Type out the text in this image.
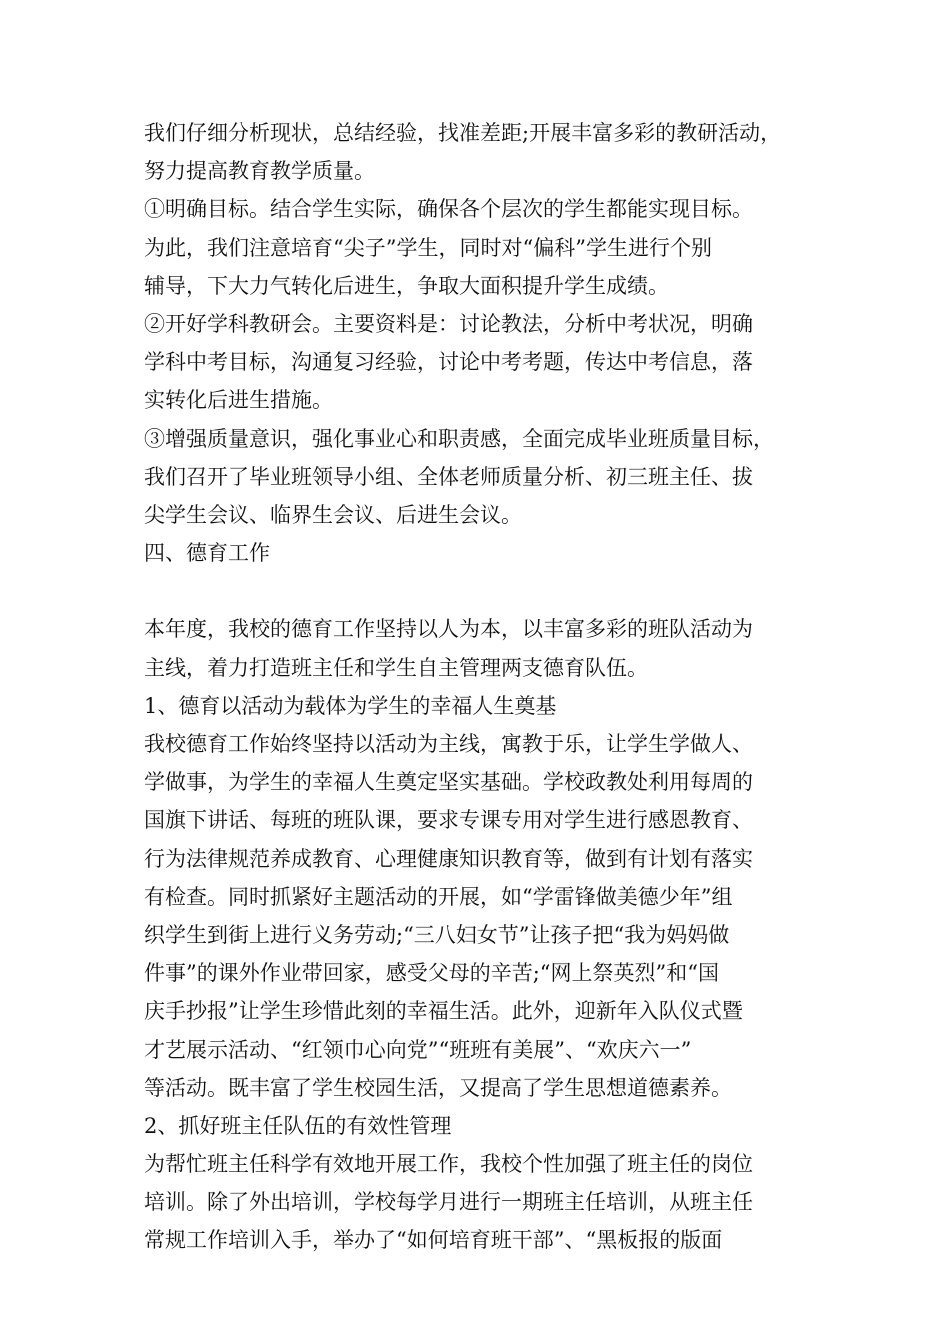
我们仔细分析现状，总结经验，找准差距;开展丰富多彩的教研活动，
努力提高教育教学质量。
①明确目标。结合学生实际，确保各个层次的学生都能实现目标。
为此，我们注意培育“尖子”学生，同时对“偏科”学生进行个别
辅导，下大力气转化后进生，争取大面积提升学生成绩。
②开好学科教研会。主要资料是：讨论教法，分析中考状况，明确
学科中考目标，沟通复习经验，讨论中考考题，传达中考信息，落
实转化后进生措施。
③增强质量意识，强化事业心和职责感，全面完成毕业班质量目标，
我们召开了毕业班领导小组、全体老师质量分析、初三班主任、拔
尖学生会议、临界生会议、后进生会议。
四、德育工作
本年度，我校的德育工作坚持以人为本，以丰富多彩的班队活动为
主线，着力打造班主任和学生自主管理两支德育队伍。
1、德育以活动为载体为学生的幸福人生奠基
我校德育工作始终坚持以活动为主线，寓教于乐，让学生学做人、
学做事，为学生的幸福人生奠定坚实基础。学校政教处利用每周的
国旗下讲话、每班的班队课，要求专课专用对学生进行感恩教育、
行为法律规范养成教育、心理健康知识教育等，做到有计划有落实
有检查。同时抓紧好主题活动的开展，如“学雷锋做美德少年”组
织学生到街上进行义务劳动;“三八妇女节”让孩子把“我为妈妈做
件事”的课外作业带回家，感受父母的辛苦;“网上祭英烈”和“国
庆手抄报”让学生珍惜此刻的幸福生活。此外，迎新年入队仪式暨
才艺展示活动、“红领巾心向党”“班班有美展”、“欢庆六一”
等活动。既丰富了学生校园生活，又提高了学生思想道德素养。
2、抓好班主任队伍的有效性管理
为帮忙班主任科学有效地开展工作，我校个性加强了班主任的岗位
培训。除了外出培训，学校每学月进行一期班主任培训，从班主任
常规工作培训入手，举办了“如何培育班干部”、“黑板报的版面
